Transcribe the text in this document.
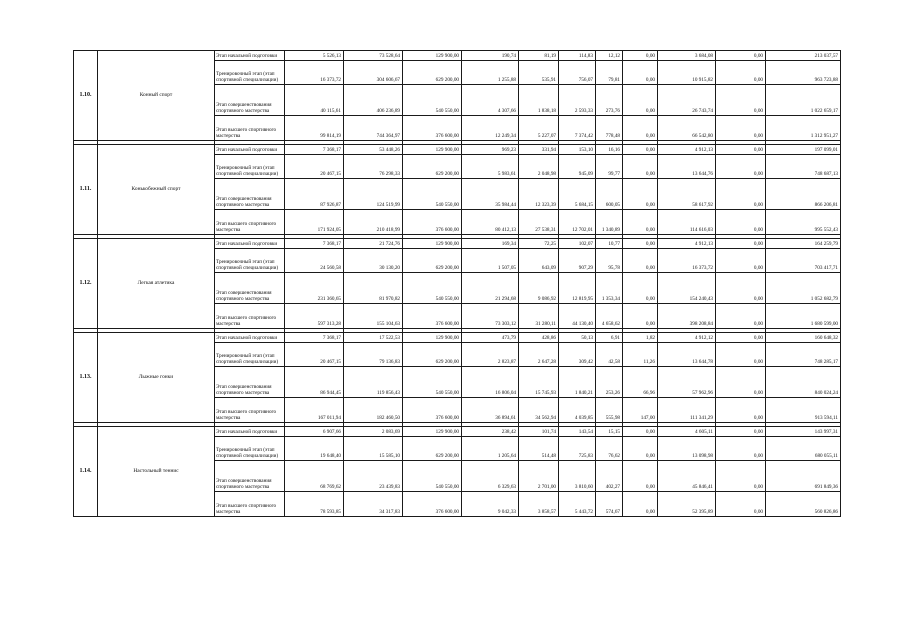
1.10.	Конный спорт	Этап начальной подготовки	5 526,13	73 528,64	129 900,00	190,74	81,19	114,83	12,12	0,00	3 684,08	0,00	213 037,57
		Тренировочный этап (этап спортивной специализации)	16 373,72	304 606,67	629 200,00	1 255,88	535,91	756,07	79,81	0,00	10 915,82	0,00	963 723,88
		Этап совершенствования спортивного мастерства	40 115,61	406 236,89	540 550,00	4 307,66	1 838,18	2 593,33	273,76	0,00	26 743,74	0,00	1 022 659,17
		Этап высшего спортивного мастерства	99 814,19	744 364,97	376 600,00	12 249,34	5 227,07	7 374,42	778,48	0,00	66 542,80	0,00	1 312 951,27

1.11.	Конькобежный спорт	Этап начальной подготовки	7 368,17	53 448,26	129 900,00	969,23	331,94	153,10	16,16	0,00	4 912,13	0,00	197 099,01
		Тренировочный этап (этап спортивной специализации)	20 467,15	76 298,33	629 200,00	5 983,61	2 048,98	945,09	99,77	0,00	13 644,76	0,00	748 687,13
		Этап совершенствования спортивного мастерства	87 926,87	124 519,99	540 550,00	35 984,44	12 323,39	5 684,15	600,05	0,00	58 617,92	0,00	866 206,81
		Этап высшего спортивного мастерства	171 924,05	210 418,99	376 600,00	80 412,13	27 538,31	12 702,01	1 340,89	0,00	114 616,03	0,00	995 552,43

1.12.	Легкая атлетика	Этап начальной подготовки	7 368,17	21 724,76	129 900,00	169,34	72,25	102,07	10,77	0,00	4 912,13	0,00	164 259,79
		Тренировочный этап (этап спортивной специализации)	24 560,58	30 130,20	629 200,00	1 507,05	643,09	907,29	95,78	0,00	16 373,72	0,00	703 417,71
		Этап совершенствования спортивного мастерства	231 360,65	81 970,82	540 550,00	21 294,68	9 086,92	12 819,95	1 353,34	0,00	154 240,43	0,00	1 052 682,79
		Этап высшего спортивного мастерства	597 313,28	155 104,63	376 600,00	73 303,12	31 280,11	44 130,40	4 658,62	0,00	398 208,84	0,00	1 680 599,00

1.13.	Лыжные гонки	Этап начальной подготовки	7 368,17	17 522,53	129 900,00	473,79	428,86	50,13	6,91	1,82	4 912,12	0,00	160 648,32
		Тренировочный этап (этап спортивной специализации)	20 467,15	79 136,83	629 200,00	2 823,87	2 647,28	309,42	42,58	11,26	13 644,78	0,00	748 285,17
		Этап совершенствования спортивного мастерства	86 944,45	119 856,43	540 550,00	16 806,04	15 745,93	1 840,21	253,26	66,96	57 962,96	0,00	840 024,24
		Этап высшего спортивного мастерства	167 011,94	182 460,50	376 600,00	36 894,61	34 562,94	4 039,85	555,98	147,00	111 341,29	0,00	913 594,11

1.14.	Настольный теннис	Этап начальной подготовки	6 907,66	2 083,69	129 900,00	238,42	101,74	143,54	15,15	0,00	4 605,11	0,00	143 997,31
		Тренировочный этап (этап спортивной специализации)	19 648,40	15 585,10	629 200,00	1 205,64	514,48	725,83	76,62	0,00	13 098,98	0,00	680 055,11
		Этап совершенствования спортивного мастерства	68 769,62	23 439,83	540 550,00	6 329,63	2 701,00	3 810,60	402,27	0,00	45 846,41	0,00	691 849,36
		Этап высшего спортивного мастерства	78 593,85	34 317,83	376 600,00	9 042,33	3 858,57	5 443,72	574,67	0,00	52 395,89	0,00	560 826,86
